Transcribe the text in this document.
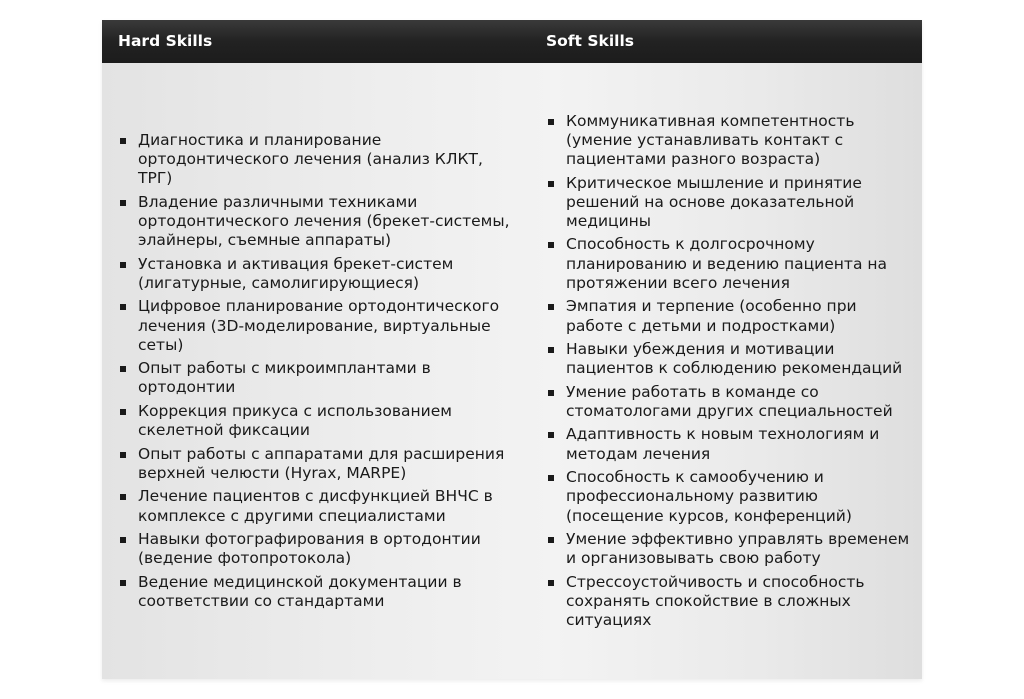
Hard Skills	Soft Skills
Диагностика и планирование ортодонтического лечения (анализ КЛКТ, ТРГ)
Владение различными техниками ортодонтического лечения (брекет-системы, элайнеры, съемные аппараты)
Установка и активация брекет-систем (лигатурные, самолигирующиеся)
Цифровое планирование ортодонтического лечения (3D-моделирование, виртуальные сеты)
Опыт работы с микроимплантами в ортодонтии
Коррекция прикуса с использованием скелетной фиксации
Опыт работы с аппаратами для расширения верхней челюсти (Hyrax, MARPE)
Лечение пациентов с дисфункцией ВНЧС в комплексе с другими специалистами
Навыки фотографирования в ортодонтии (ведение фотопротокола)
Ведение медицинской документации в соответствии со стандартами
Коммуникативная компетентность (умение устанавливать контакт с пациентами разного возраста)
Критическое мышление и принятие решений на основе доказательной медицины
Способность к долгосрочному планированию и ведению пациента на протяжении всего лечения
Эмпатия и терпение (особенно при работе с детьми и подростками)
Навыки убеждения и мотивации пациентов к соблюдению рекомендаций
Умение работать в команде со стоматологами других специальностей
Адаптивность к новым технологиям и методам лечения
Способность к самообучению и профессиональному развитию (посещение курсов, конференций)
Умение эффективно управлять временем и организовывать свою работу
Стрессоустойчивость и способность сохранять спокойствие в сложных ситуациях
